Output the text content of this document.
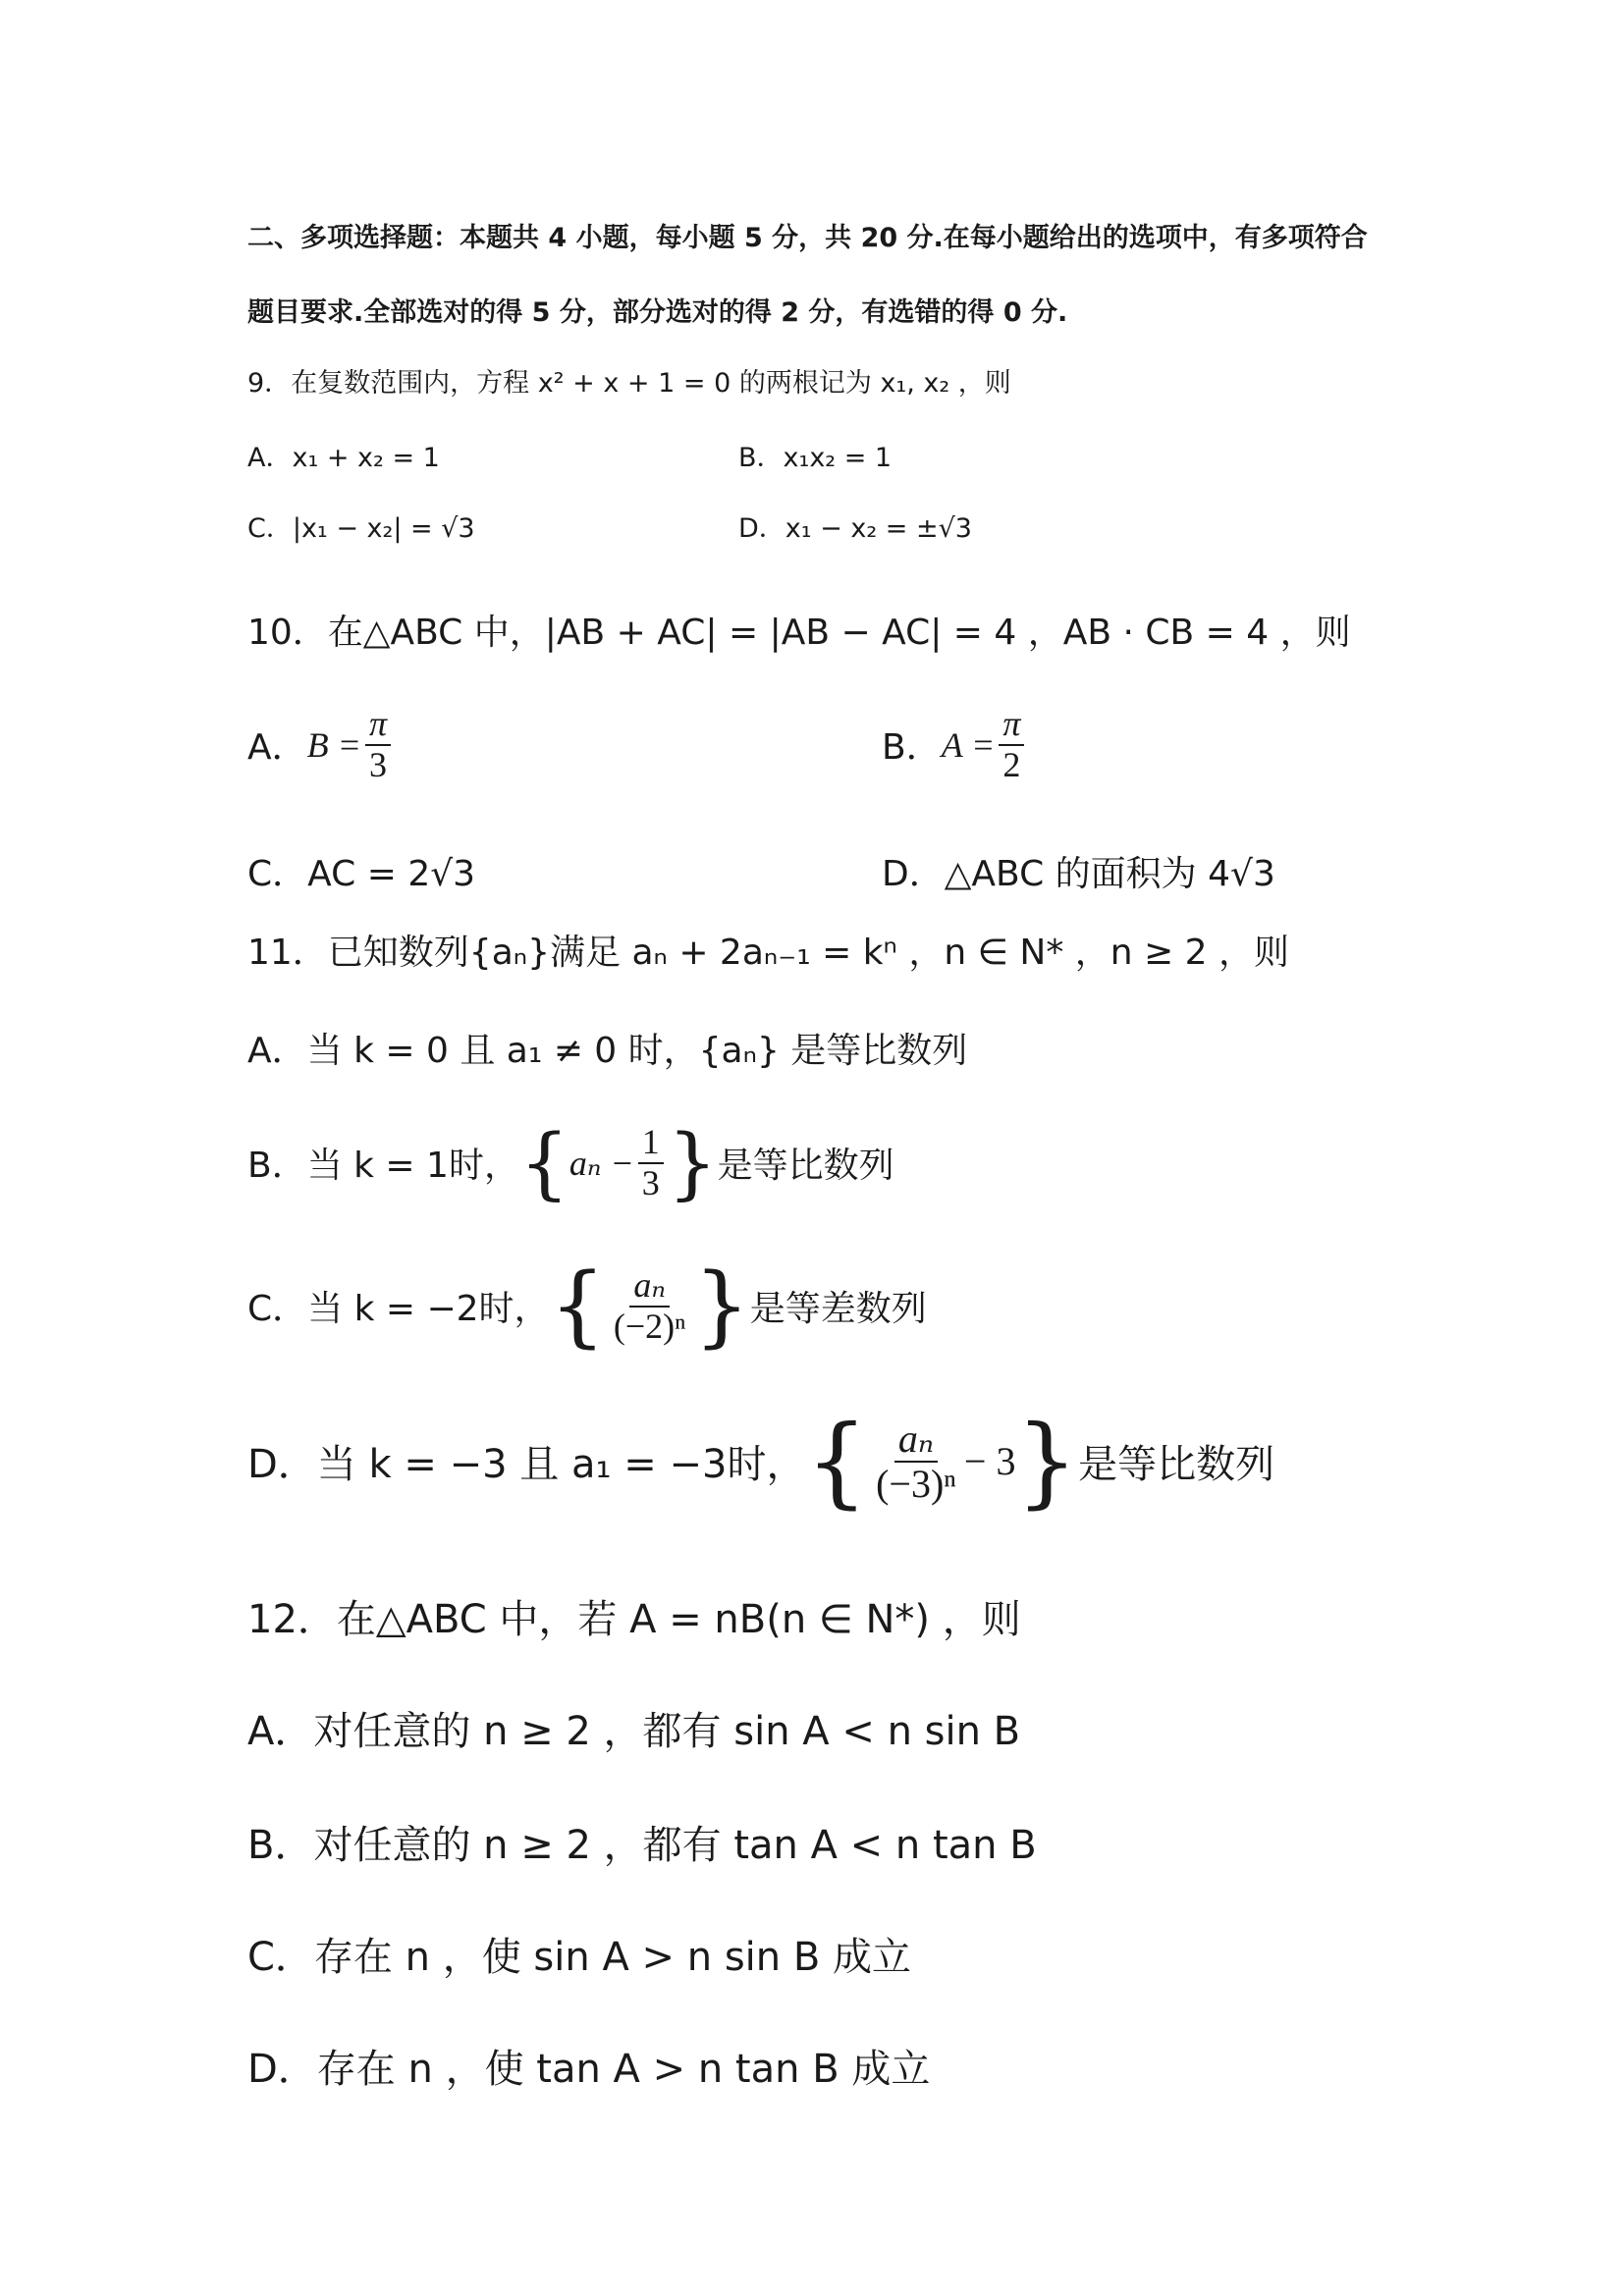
二、多项选择题：本题共 4 小题，每小题 5 分，共 20 分.在每小题给出的选项中，有多项符合
题目要求.全部选对的得 5 分，部分选对的得 2 分，有选错的得 0 分.
9．在复数范围内，方程 x² + x + 1 = 0 的两根记为 x₁, x₂ ，则
A．x₁ + x₂ = 1	B．x₁x₂ = 1
C．|x₁ − x₂| = √3	D．x₁ − x₂ = ±√3
10．在△ABC 中，|AB + AC| = |AB − AC| = 4 ，AB · CB = 4 ，则
A． $B = \frac{\pi}{3}$	B． $A = \frac{\pi}{2}$
C．AC = 2√3	D．△ABC 的面积为 4√3
11．已知数列{aₙ}满足 aₙ + 2aₙ₋₁ = kⁿ ，n ∈ N* ，n ≥ 2 ，则
A．当 k = 0 且 a₁ ≠ 0 时，{aₙ} 是等比数列
B．当 k = 1时， { $a_n - \frac{1}{3}$ } 是等比数列
C．当 k = −2时， { $\frac{\text{aₙ}}{\text{(−2)ⁿ}}$ } 是等差数列
D．当 k = −3 且 a₁ = −3时， { $\frac{\text{aₙ}}{\text{(−3)ⁿ}} - 3$ } 是等比数列
12．在△ABC 中，若 A = nB(n ∈ N*) ，则
A．对任意的 n ≥ 2 ，都有 sin A < n sin B
B．对任意的 n ≥ 2 ，都有 tan A < n tan B
C．存在 n ，使 sin A > n sin B 成立
D．存在 n ，使 tan A > n tan B 成立
